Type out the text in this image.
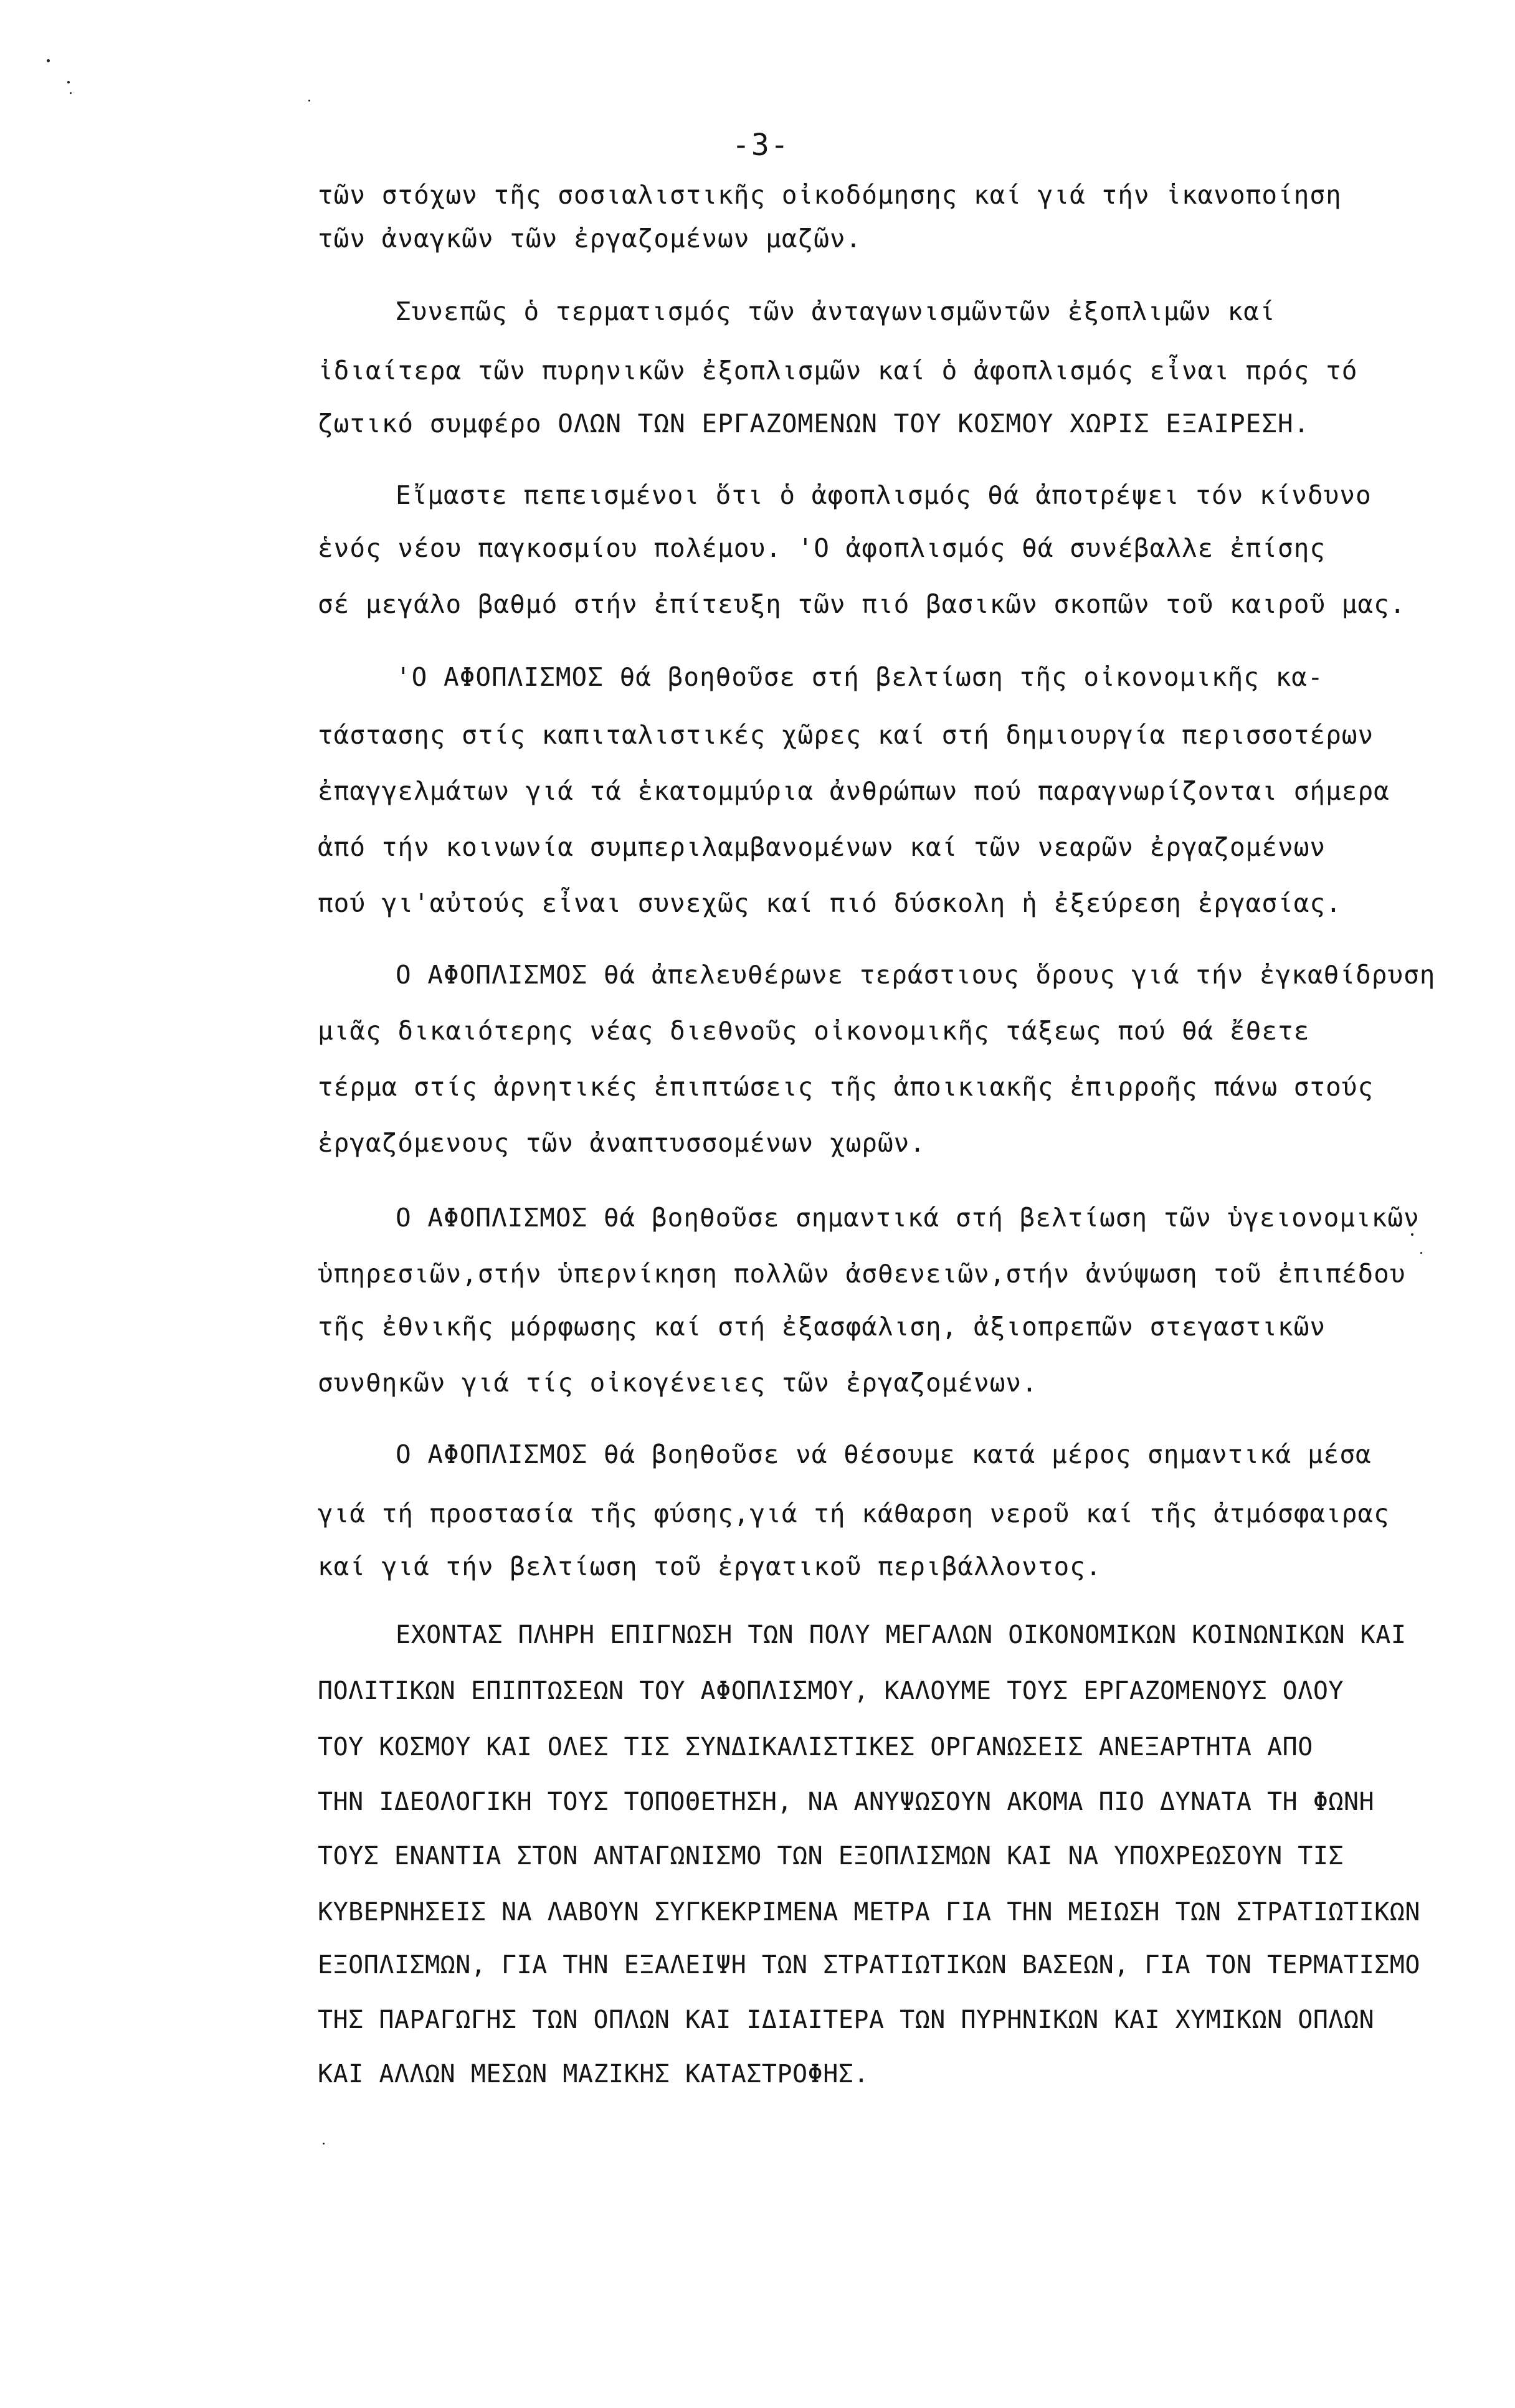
-3-
τῶν στόχων τῆς σοσιαλιστικῆς οἰκοδόμησης καί γιά τήν ἱκανοποίηση
τῶν ἀναγκῶν τῶν ἐργαζομένων μαζῶν.
Συνεπῶς ὁ τερματισμός τῶν ἀνταγωνισμῶντῶν ἐξοπλιμῶν καί
ἰδιαίτερα τῶν πυρηνικῶν ἐξοπλισμῶν καί ὁ ἀφοπλισμός εἶναι πρός τό
ζωτικό συμφέρο ΟΛΩΝ ΤΩΝ ΕΡΓΑΖΟΜΕΝΩΝ ΤΟΥ ΚΟΣΜΟΥ ΧΩΡΙΣ ΕΞΑΙΡΕΣΗ.
Εἴμαστε πεπεισμένοι ὅτι ὁ ἀφοπλισμός θά ἀποτρέψει τόν κίνδυνο
ἑνός νέου παγκοσμίου πολέμου. 'Ο ἀφοπλισμός θά συνέβαλλε ἐπίσης
σέ μεγάλο βαθμό στήν ἐπίτευξη τῶν πιό βασικῶν σκοπῶν τοῦ καιροῦ μας.
'Ο ΑΦΟΠΛΙΣΜΟΣ θά βοηθοῦσε στή βελτίωση τῆς οἰκονομικῆς κα-
τάστασης στίς καπιταλιστικές χῶρες καί στή δημιουργία περισσοτέρων
ἐπαγγελμάτων γιά τά ἑκατομμύρια ἀνθρώπων πού παραγνωρίζονται σήμερα
ἀπό τήν κοινωνία συμπεριλαμβανομένων καί τῶν νεαρῶν ἐργαζομένων
πού γι'αὐτούς εἶναι συνεχῶς καί πιό δύσκολη ἡ ἐξεύρεση ἐργασίας.
Ο ΑΦΟΠΛΙΣΜΟΣ θά ἀπελευθέρωνε τεράστιους ὅρους γιά τήν ἐγκαθίδρυση
μιᾶς δικαιότερης νέας διεθνοῦς οἰκονομικῆς τάξεως πού θά ἔθετε
τέρμα στίς ἀρνητικές ἐπιπτώσεις τῆς ἀποικιακῆς ἐπιρροῆς πάνω στούς
ἐργαζόμενους τῶν ἀναπτυσσομένων χωρῶν.
Ο ΑΦΟΠΛΙΣΜΟΣ θά βοηθοῦσε σημαντικά στή βελτίωση τῶν ὑγειονομικῶν
ὑπηρεσιῶν,στήν ὑπερνίκηση πολλῶν ἀσθενειῶν,στήν ἀνύψωση τοῦ ἐπιπέδου
τῆς ἐθνικῆς μόρφωσης καί στή ἐξασφάλιση, ἀξιοπρεπῶν στεγαστικῶν
συνθηκῶν γιά τίς οἰκογένειες τῶν ἐργαζομένων.
Ο ΑΦΟΠΛΙΣΜΟΣ θά βοηθοῦσε νά θέσουμε κατά μέρος σημαντικά μέσα
γιά τή προστασία τῆς φύσης,γιά τή κάθαρση νεροῦ καί τῆς ἀτμόσφαιρας
καί γιά τήν βελτίωση τοῦ ἐργατικοῦ περιβάλλοντος.
ΕΧΟΝΤΑΣ ΠΛΗΡΗ ΕΠΙΓΝΩΣΗ ΤΩΝ ΠΟΛΥ ΜΕΓΑΛΩΝ ΟΙΚΟΝΟΜΙΚΩΝ ΚΟΙΝΩΝΙΚΩΝ ΚΑΙ
ΠΟΛΙΤΙΚΩΝ ΕΠΙΠΤΩΣΕΩΝ ΤΟΥ ΑΦΟΠΛΙΣΜΟΥ, ΚΑΛΟΥΜΕ ΤΟΥΣ ΕΡΓΑΖΟΜΕΝΟΥΣ ΟΛΟΥ
ΤΟΥ ΚΟΣΜΟΥ ΚΑΙ ΟΛΕΣ ΤΙΣ ΣΥΝΔΙΚΑΛΙΣΤΙΚΕΣ ΟΡΓΑΝΩΣΕΙΣ ΑΝΕΞΑΡΤΗΤΑ ΑΠΟ
ΤΗΝ ΙΔΕΟΛΟΓΙΚΗ ΤΟΥΣ ΤΟΠΟΘΕΤΗΣΗ, ΝΑ ΑΝΥΨΩΣΟΥΝ ΑΚΟΜΑ ΠΙΟ ΔΥΝΑΤΑ ΤΗ ΦΩΝΗ
ΤΟΥΣ ΕΝΑΝΤΙΑ ΣΤΟΝ ΑΝΤΑΓΩΝΙΣΜΟ ΤΩΝ ΕΞΟΠΛΙΣΜΩΝ ΚΑΙ ΝΑ ΥΠΟΧΡΕΩΣΟΥΝ ΤΙΣ
ΚΥΒΕΡΝΗΣΕΙΣ ΝΑ ΛΑΒΟΥΝ ΣΥΓΚΕΚΡΙΜΕΝΑ ΜΕΤΡΑ ΓΙΑ ΤΗΝ ΜΕΙΩΣΗ ΤΩΝ ΣΤΡΑΤΙΩΤΙΚΩΝ
ΕΞΟΠΛΙΣΜΩΝ, ΓΙΑ ΤΗΝ ΕΞΑΛΕΙΨΗ ΤΩΝ ΣΤΡΑΤΙΩΤΙΚΩΝ ΒΑΣΕΩΝ, ΓΙΑ ΤΟΝ ΤΕΡΜΑΤΙΣΜΟ
ΤΗΣ ΠΑΡΑΓΩΓΗΣ ΤΩΝ ΟΠΛΩΝ ΚΑΙ ΙΔΙΑΙΤΕΡΑ ΤΩΝ ΠΥΡΗΝΙΚΩΝ ΚΑΙ ΧΥΜΙΚΩΝ ΟΠΛΩΝ
ΚΑΙ ΑΛΛΩΝ ΜΕΣΩΝ ΜΑΖΙΚΗΣ ΚΑΤΑΣΤΡΟΦΗΣ.
